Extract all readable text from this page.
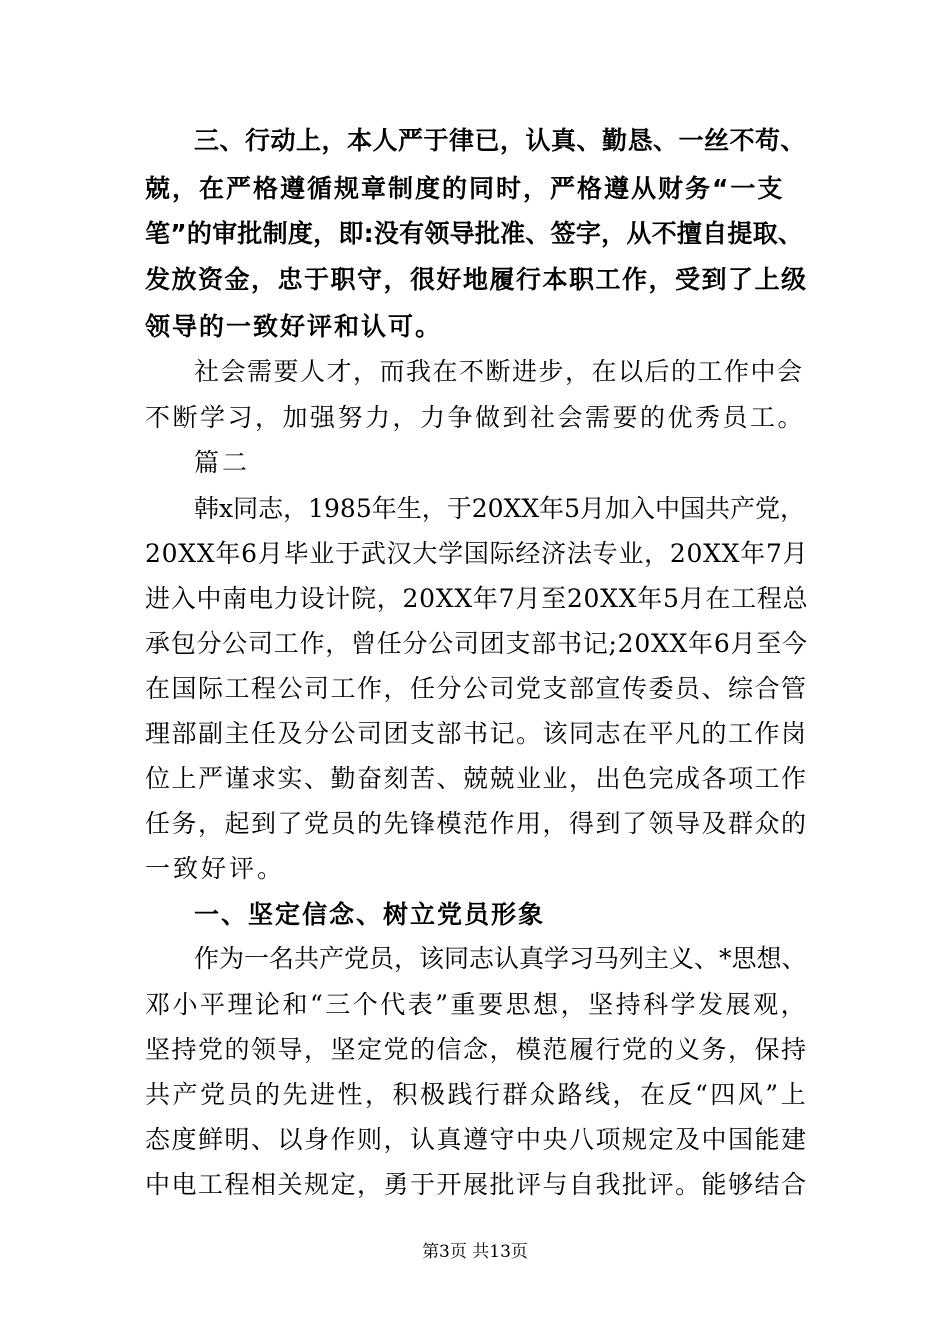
三、行动上，本人严于律已，认真、勤恳、一丝不苟、
兢，在严格遵循规章制度的同时，严格遵从财务“一支
笔”的审批制度，即:没有领导批准、签字，从不擅自提取、
发放资金，忠于职守，很好地履行本职工作，受到了上级
领导的一致好评和认可。
社会需要人才，而我在不断进步，在以后的工作中会
不断学习，加强努力，力争做到社会需要的优秀员工。
篇二
韩x同志，1985年生，于20XX年5月加入中国共产党，
20XX年6月毕业于武汉大学国际经济法专业，20XX年7月
进入中南电力设计院，20XX年7月至20XX年5月在工程总
承包分公司工作，曾任分公司团支部书记;20XX年6月至今
在国际工程公司工作，任分公司党支部宣传委员、综合管
理部副主任及分公司团支部书记。该同志在平凡的工作岗
位上严谨求实、勤奋刻苦、兢兢业业，出色完成各项工作
任务，起到了党员的先锋模范作用，得到了领导及群众的
一致好评。
一、坚定信念、树立党员形象
作为一名共产党员，该同志认真学习马列主义、*思想、
邓小平理论和“三个代表”重要思想，坚持科学发展观，
坚持党的领导，坚定党的信念，模范履行党的义务，保持
共产党员的先进性，积极践行群众路线，在反“四风”上
态度鲜明、以身作则，认真遵守中央八项规定及中国能建
中电工程相关规定，勇于开展批评与自我批评。能够结合
第3页 共13页
